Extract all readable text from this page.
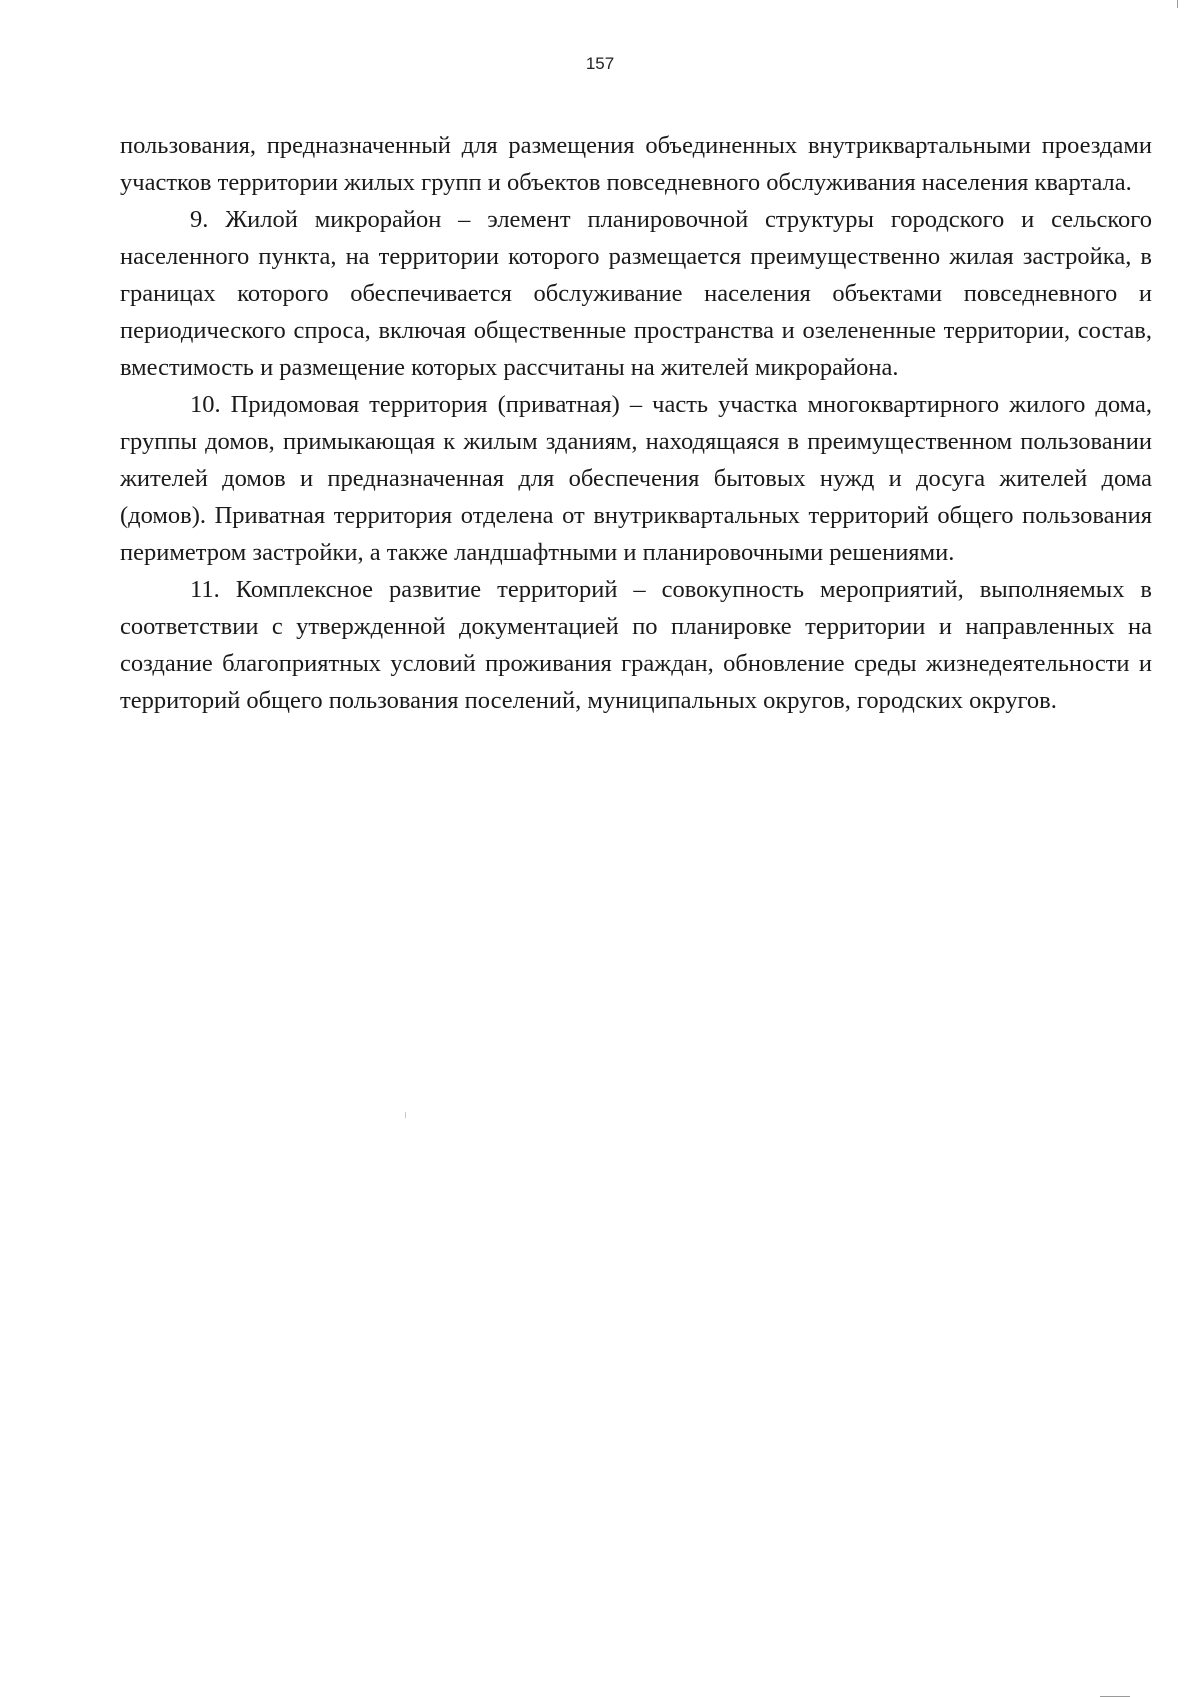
157

пользования, предназначенный для размещения объединенных внутриквартальными проездами участков территории жилых групп и объектов повседневного обслуживания населения квартала.

9. Жилой микрорайон – элемент планировочной структуры городского и сельского населенного пункта, на территории которого размещается преимущественно жилая застройка, в границах которого обеспечивается обслуживание населения объектами повседневного и периодического спроса, включая общественные пространства и озелененные территории, состав, вместимость и размещение которых рассчитаны на жителей микрорайона.

10. Придомовая территория (приватная) – часть участка многоквартирного жилого дома, группы домов, примыкающая к жилым зданиям, находящаяся в преимущественном пользовании жителей домов и предназначенная для обеспечения бытовых нужд и досуга жителей дома (домов). Приватная территория отделена от внутриквартальных территорий общего пользования периметром застройки, а также ландшафтными и планировочными решениями.

11. Комплексное развитие территорий – совокупность мероприятий, выполняемых в соответствии с утвержденной документацией по планировке территории и направленных на создание благоприятных условий проживания граждан, обновление среды жизнедеятельности и территорий общего пользования поселений, муниципальных округов, городских округов.
